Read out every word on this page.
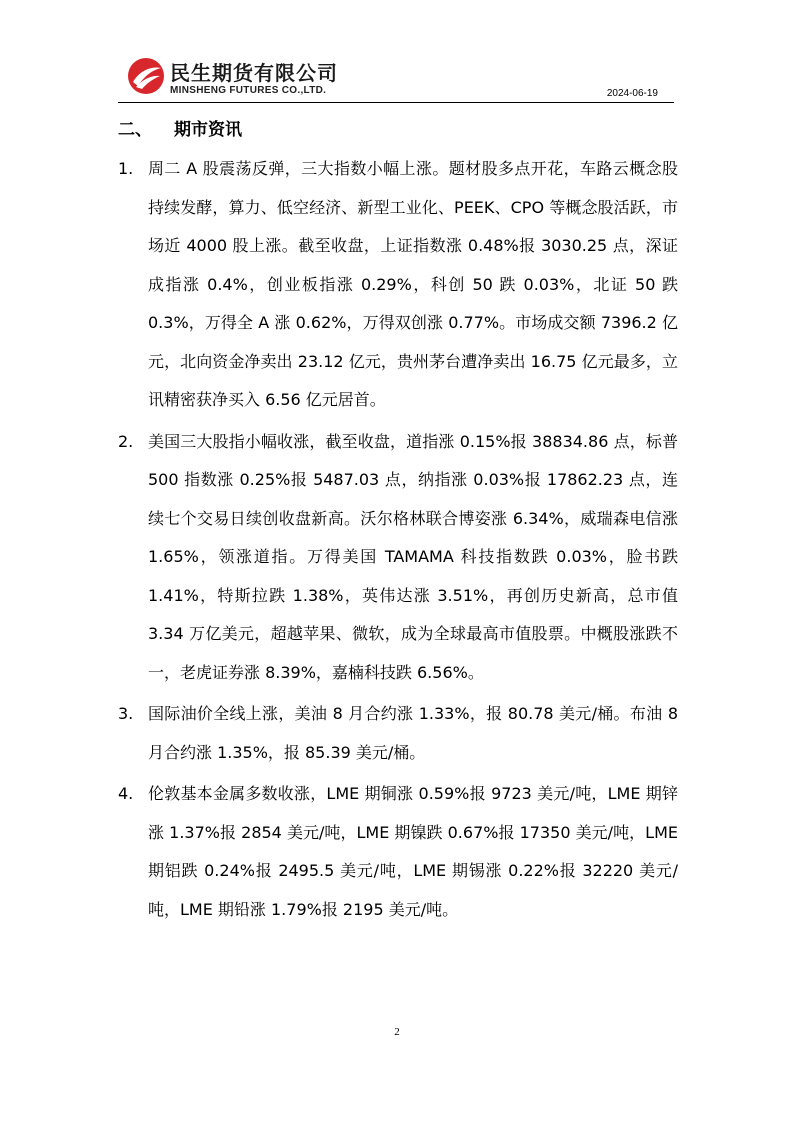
民生期货有限公司
MINSHENG FUTURES CO.,LTD.	2024-06-19
二、 期市资讯
1. 周二 A 股震荡反弹，三大指数小幅上涨。题材股多点开花，车路云概念股持续发酵，算力、低空经济、新型工业化、PEEK、CPO 等概念股活跃，市场近 4000 股上涨。截至收盘，上证指数涨 0.48%报 3030.25 点，深证成指涨 0.4%，创业板指涨 0.29%，科创 50 跌 0.03%，北证 50 跌 0.3%，万得全 A 涨 0.62%，万得双创涨 0.77%。市场成交额 7396.2 亿元，北向资金净卖出 23.12 亿元，贵州茅台遭净卖出 16.75 亿元最多，立讯精密获净买入 6.56 亿元居首。
2. 美国三大股指小幅收涨，截至收盘，道指涨 0.15%报 38834.86 点，标普 500 指数涨 0.25%报 5487.03 点，纳指涨 0.03%报 17862.23 点，连续七个交易日续创收盘新高。沃尔格林联合博姿涨 6.34%，威瑞森电信涨 1.65%，领涨道指。万得美国 TAMAMA 科技指数跌 0.03%，脸书跌 1.41%，特斯拉跌 1.38%，英伟达涨 3.51%，再创历史新高，总市值 3.34 万亿美元，超越苹果、微软，成为全球最高市值股票。中概股涨跌不一，老虎证券涨 8.39%，嘉楠科技跌 6.56%。
3. 国际油价全线上涨，美油 8 月合约涨 1.33%，报 80.78 美元/桶。布油 8 月合约涨 1.35%，报 85.39 美元/桶。
4. 伦敦基本金属多数收涨，LME 期铜涨 0.59%报 9723 美元/吨，LME 期锌涨 1.37%报 2854 美元/吨，LME 期镍跌 0.67%报 17350 美元/吨，LME 期铝跌 0.24%报 2495.5 美元/吨，LME 期锡涨 0.22%报 32220 美元/吨，LME 期铅涨 1.79%报 2195 美元/吨。
2
